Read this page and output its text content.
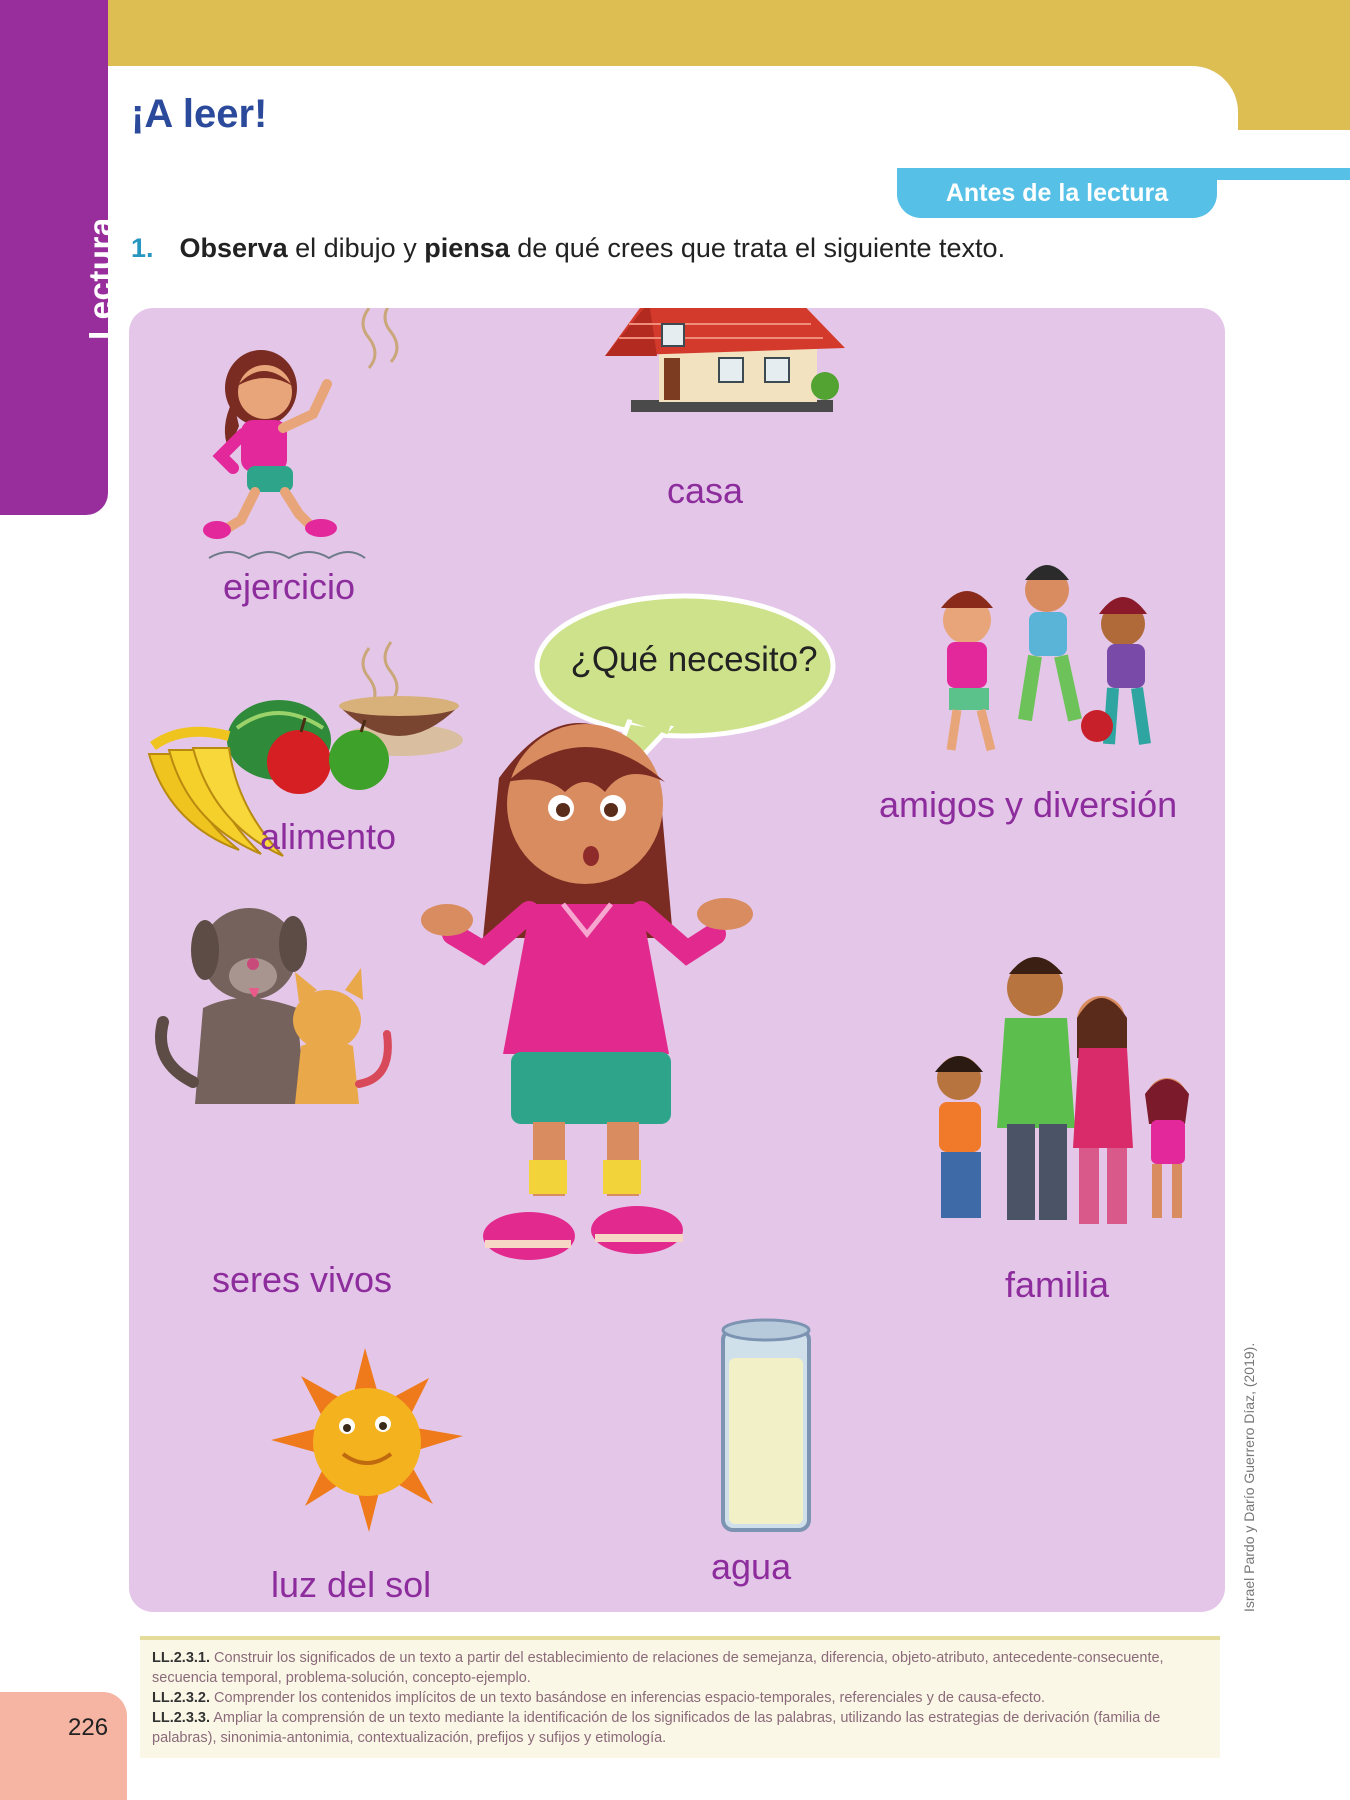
Lectura
¡A leer!
Antes de la lectura

1. Observa el dibujo y piensa de qué crees que trata el siguiente texto.

casa
ejercicio
alimento
amigos y diversión
seres vivos	familia
luz del sol	agua
¿Qué necesito?
Israel Pardo y Darío Guerrero Díaz, (2019).
LL.2.3.1. Construir los significados de un texto a partir del establecimiento de relaciones de semejanza, diferencia, objeto-atributo, antecedente-consecuente, secuencia temporal, problema-solución, concepto-ejemplo.
LL.2.3.2. Comprender los contenidos implícitos de un texto basándose en inferencias espacio-temporales, referenciales y de causa-efecto.
LL.2.3.3. Ampliar la comprensión de un texto mediante la identificación de los significados de las palabras, utilizando las estrategias de derivación (familia de palabras), sinonimia-antonimia, contextualización, prefijos y sufijos y etimología.
226
